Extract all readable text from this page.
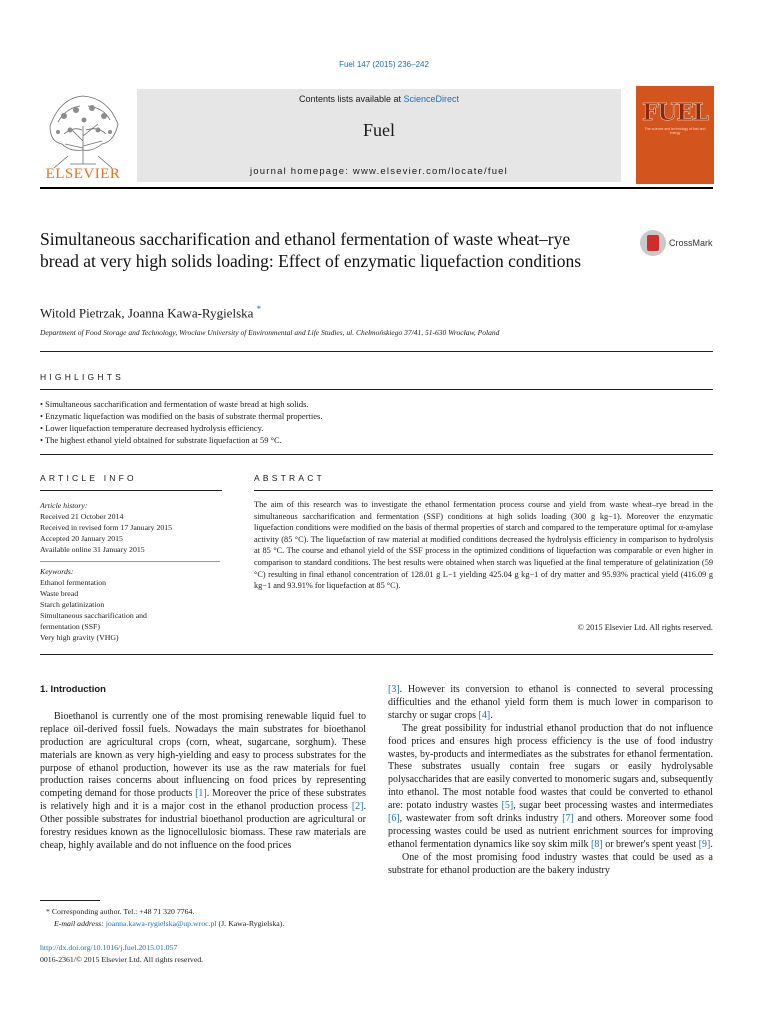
Fuel 147 (2015) 236–242
ELSEVIER
Contents lists available at ScienceDirect
Fuel
journal homepage: www.elsevier.com/locate/fuel
FUEL
The science and technology of fuel and energy
Simultaneous saccharification and ethanol fermentation of waste wheat–rye bread at very high solids loading: Effect of enzymatic liquefaction conditions
CrossMark
Witold Pietrzak, Joanna Kawa-Rygielska *
Department of Food Storage and Technology, Wrocław University of Environmental and Life Studies, ul. Chełmońskiego 37/41, 51-630 Wrocław, Poland
HIGHLIGHTS
• Simultaneous saccharification and fermentation of waste bread at high solids.
• Enzymatic liquefaction was modified on the basis of substrate thermal properties.
• Lower liquefaction temperature decreased hydrolysis efficiency.
• The highest ethanol yield obtained for substrate liquefaction at 59 °C.
ARTICLE INFO	ABSTRACT
Article history:
Received 21 October 2014
Received in revised form 17 January 2015
Accepted 20 January 2015
Available online 31 January 2015
Keywords:
Ethanol fermentation
Waste bread
Starch gelatinization
Simultaneous saccharification and
fermentation (SSF)
Very high gravity (VHG)
The aim of this research was to investigate the ethanol fermentation process course and yield from waste wheat–rye bread in the simultaneous saccharification and fermentation (SSF) conditions at high solids loading (300 g kg−1). Moreover the enzymatic liquefaction conditions were modified on the basis of thermal properties of starch and compared to the temperature optimal for α-amylase activity (85 °C). The liquefaction of raw material at modified conditions decreased the hydrolysis efficiency in comparison to hydrolysis at 85 °C. The course and ethanol yield of the SSF process in the optimized conditions of liquefaction was comparable or even higher in comparison to standard conditions. The best results were obtained when starch was liquefied at the final temperature of gelatinization (59 °C) resulting in final ethanol concentration of 128.01 g L−1 yielding 425.04 g kg−1 of dry matter and 95.93% practical yield (416.09 g kg−1 and 93.91% for liquefaction at 85 °C).
© 2015 Elsevier Ltd. All rights reserved.

1. Introduction

Bioethanol is currently one of the most promising renewable liquid fuel to replace oil-derived fossil fuels. Nowadays the main substrates for bioethanol production are agricultural crops (corn, wheat, sugarcane, sorghum). These materials are known as very high-yielding and easy to process substrates for the purpose of ethanol production, however its use as the raw materials for fuel production raises concerns about influencing on food prices by representing competing demand for those products [1]. Moreover the price of these substrates is relatively high and it is a major cost in the ethanol production process [2]. Other possible substrates for industrial bioethanol production are agricultural or forestry residues known as the lignocellulosic biomass. These raw materials are cheap, highly available and do not influence on the food prices

[3]. However its conversion to ethanol is connected to several processing difficulties and the ethanol yield form them is much lower in comparison to starchy or sugar crops [4].

The great possibility for industrial ethanol production that do not influence food prices and ensures high process efficiency is the use of food industry wastes, by-products and intermediates as the substrates for ethanol fermentation. These substrates usually contain free sugars or easily hydrolysable polysaccharides that are easily converted to monomeric sugars and, subsequently into ethanol. The most notable food wastes that could be converted to ethanol are: potato industry wastes [5], sugar beet processing wastes and intermediates [6], wastewater from soft drinks industry [7] and others. Moreover some food processing wastes could be used as nutrient enrichment sources for improving ethanol fermentation dynamics like soy skim milk [8] or brewer's spent yeast [9].

One of the most promising food industry wastes that could be used as a substrate for ethanol production are the bakery industry

* Corresponding author. Tel.: +48 71 320 7764.
E-mail address: joanna.kawa-rygielska@up.wroc.pl (J. Kawa-Rygielska).
http://dx.doi.org/10.1016/j.fuel.2015.01.057
0016-2361/© 2015 Elsevier Ltd. All rights reserved.
